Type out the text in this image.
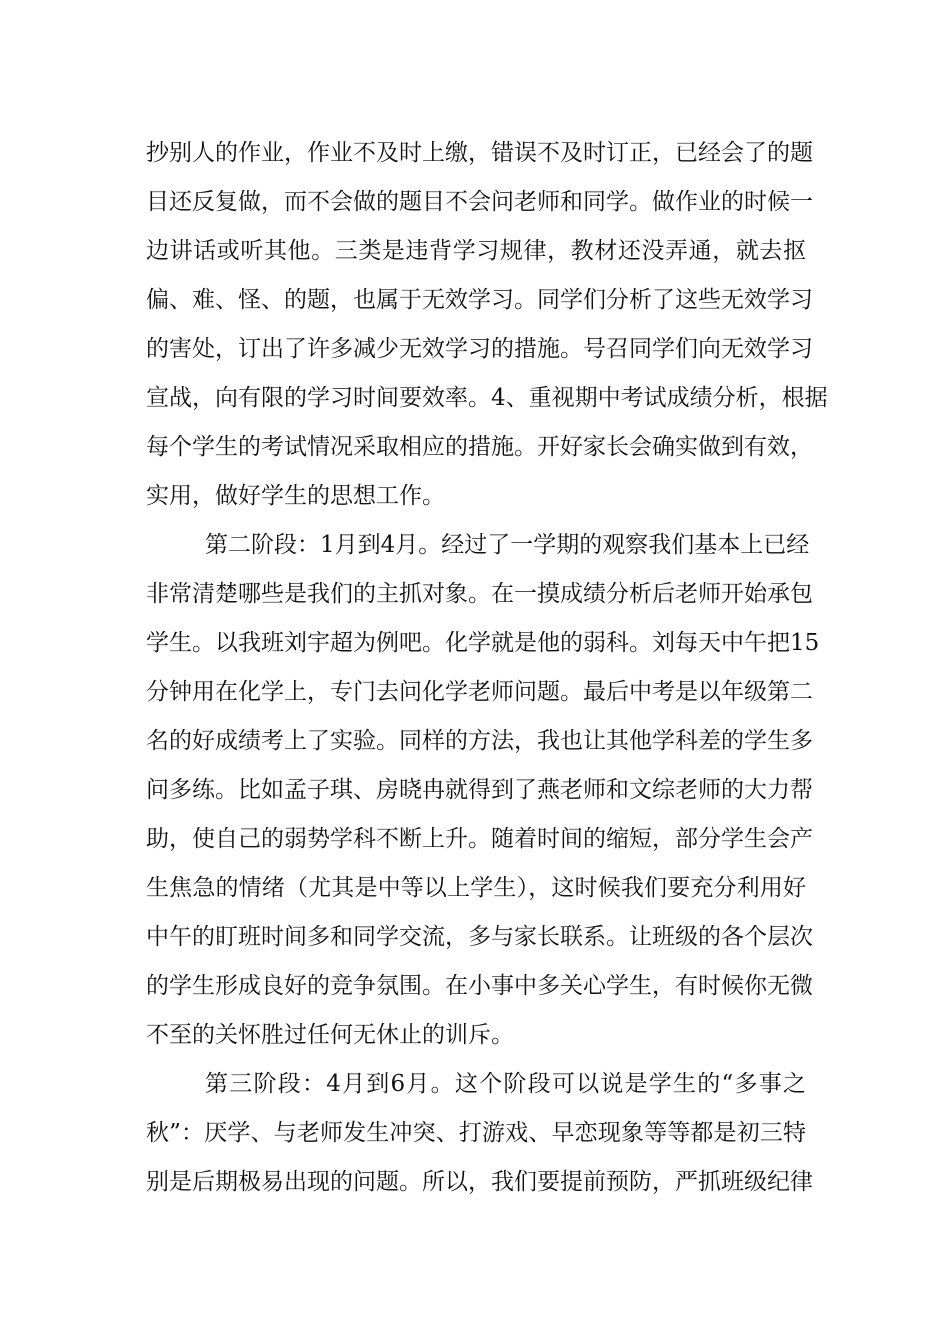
抄别人的作业，作业不及时上缴，错误不及时订正，已经会了的题
目还反复做，而不会做的题目不会问老师和同学。做作业的时候一
边讲话或听其他。三类是违背学习规律，教材还没弄通，就去抠
偏、难、怪、的题，也属于无效学习。同学们分析了这些无效学习
的害处，订出了许多减少无效学习的措施。号召同学们向无效学习
宣战，向有限的学习时间要效率。4、重视期中考试成绩分析，根据
每个学生的考试情况采取相应的措施。开好家长会确实做到有效，
实用，做好学生的思想工作。
第二阶段：1月到4月。经过了一学期的观察我们基本上已经
非常清楚哪些是我们的主抓对象。在一摸成绩分析后老师开始承包
学生。以我班刘宇超为例吧。化学就是他的弱科。刘每天中午把15
分钟用在化学上，专门去问化学老师问题。最后中考是以年级第二
名的好成绩考上了实验。同样的方法，我也让其他学科差的学生多
问多练。比如孟子琪、房晓冉就得到了燕老师和文综老师的大力帮
助，使自己的弱势学科不断上升。随着时间的缩短，部分学生会产
生焦急的情绪（尤其是中等以上学生），这时候我们要充分利用好
中午的盯班时间多和同学交流，多与家长联系。让班级的各个层次
的学生形成良好的竞争氛围。在小事中多关心学生，有时候你无微
不至的关怀胜过任何无休止的训斥。
第三阶段：4月到6月。这个阶段可以说是学生的“多事之
秋”：厌学、与老师发生冲突、打游戏、早恋现象等等都是初三特
别是后期极易出现的问题。所以，我们要提前预防，严抓班级纪律
